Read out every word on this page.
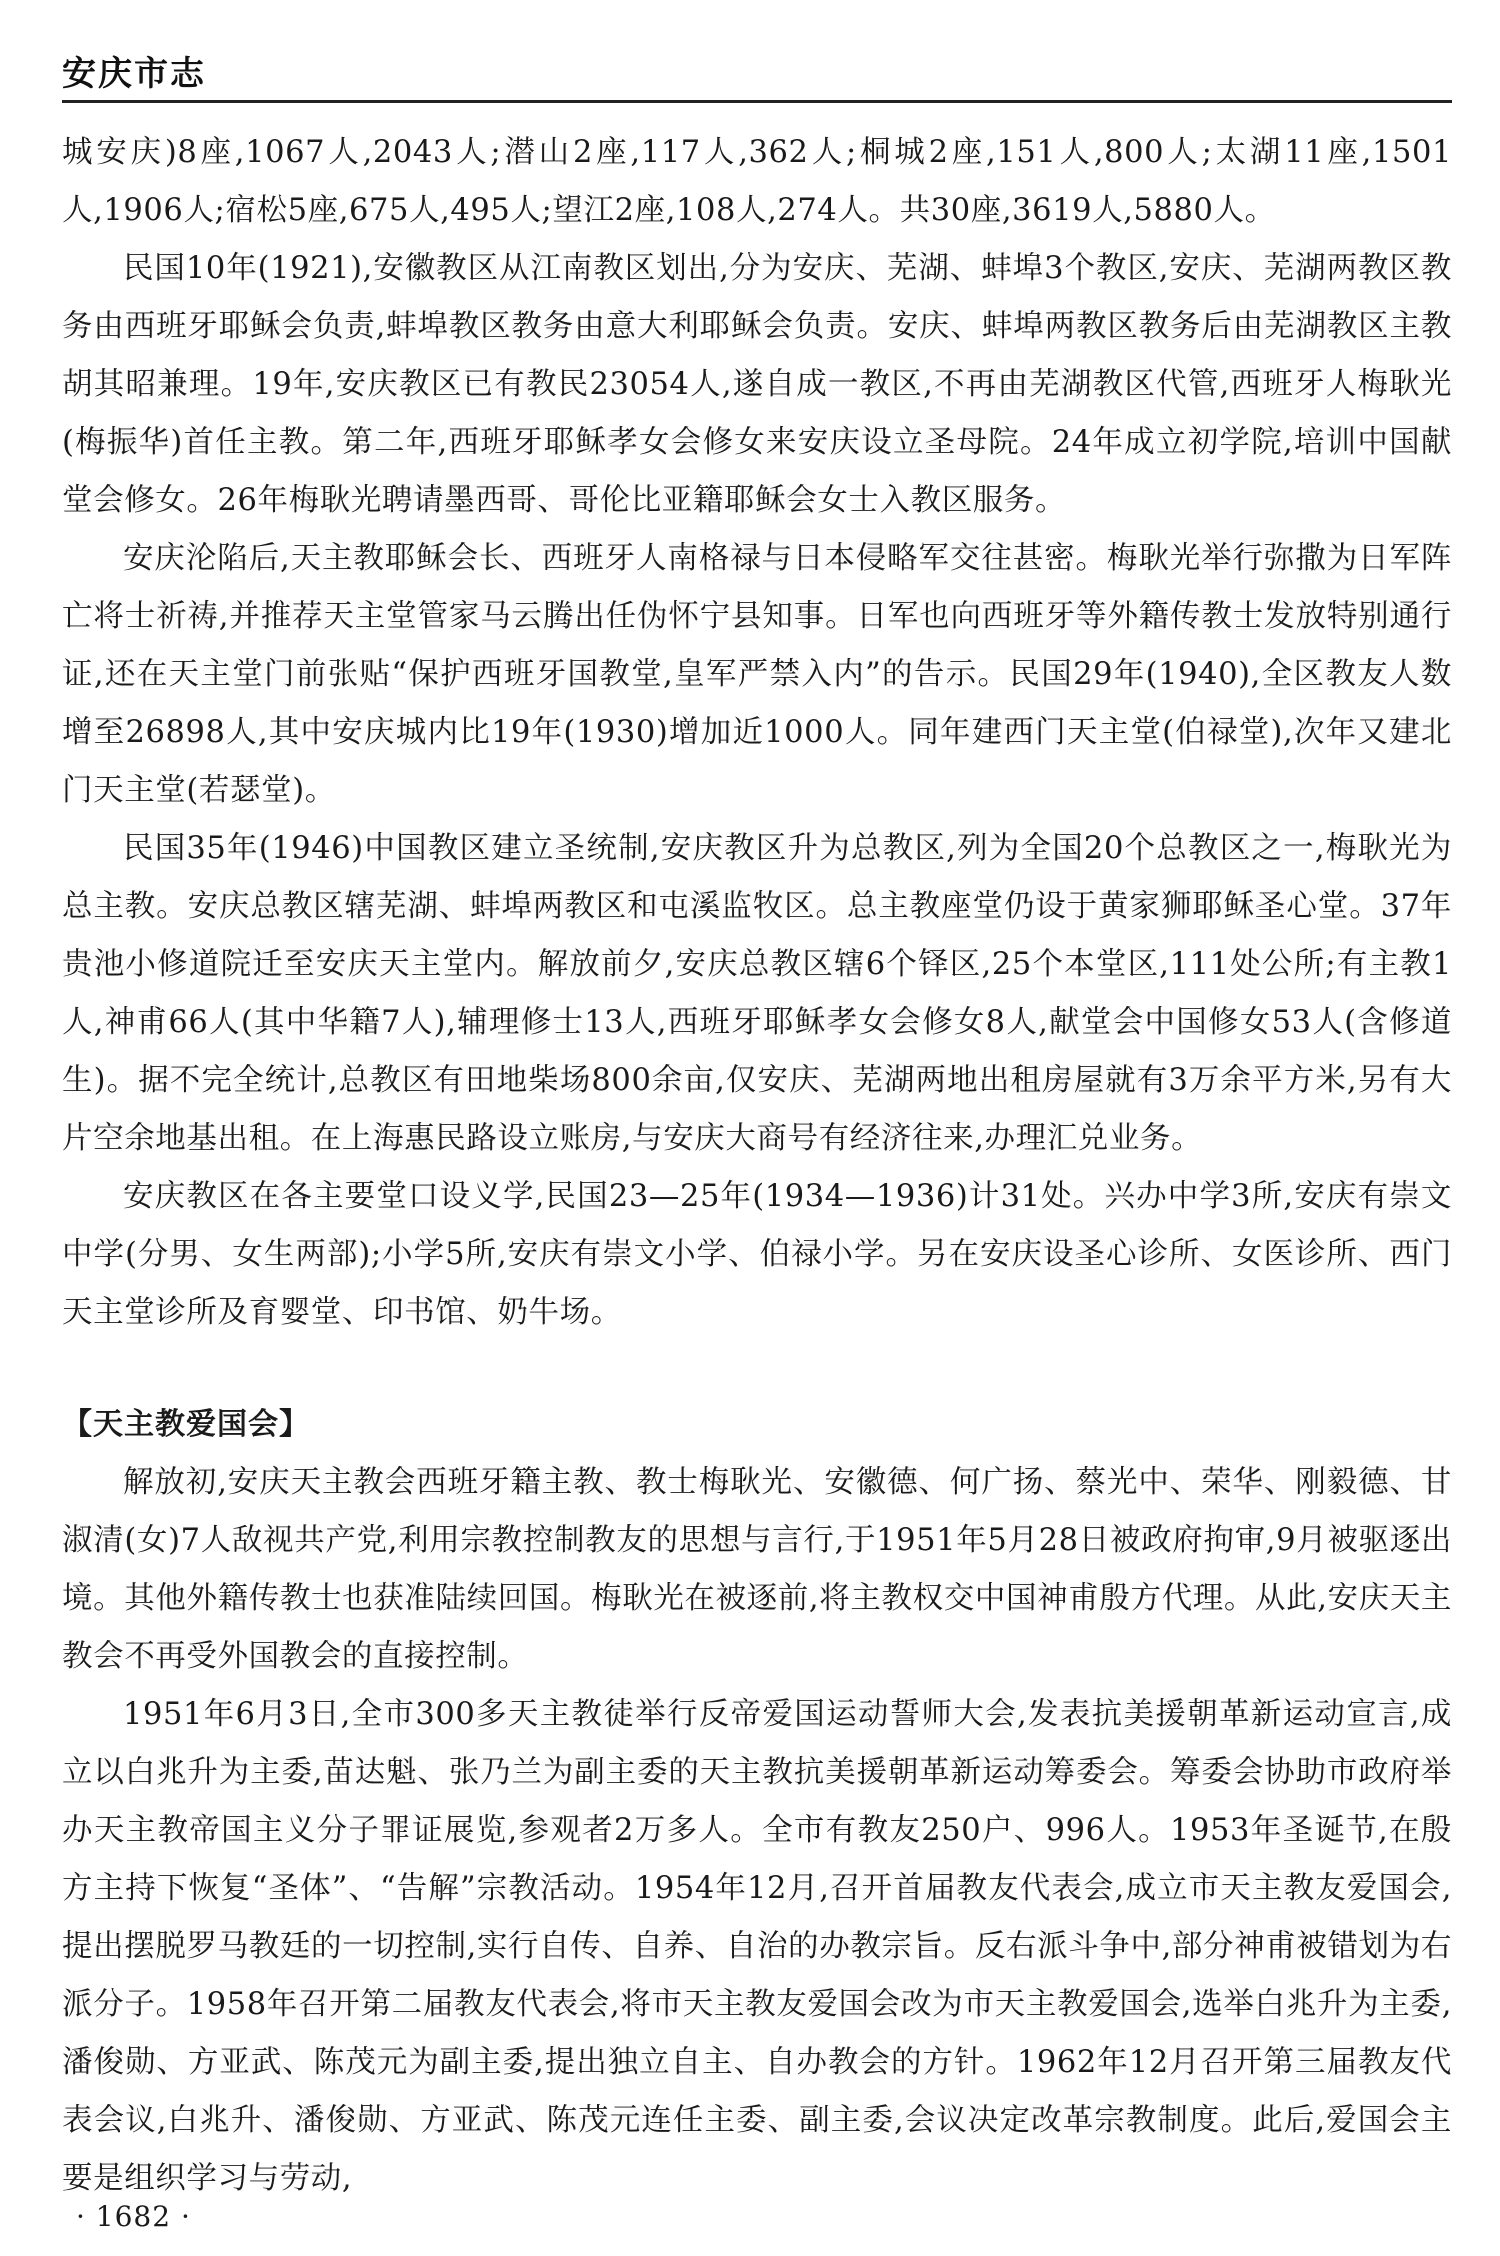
安庆市志

城安庆)8座,1067人,2043人;潜山2座,117人,362人;桐城2座,151人,800人;太湖11座,1501人,1906人;宿松5座,675人,495人;望江2座,108人,274人。共30座,3619人,5880人。

民国10年(1921),安徽教区从江南教区划出,分为安庆、芜湖、蚌埠3个教区,安庆、芜湖两教区教务由西班牙耶稣会负责,蚌埠教区教务由意大利耶稣会负责。安庆、蚌埠两教区教务后由芜湖教区主教胡其昭兼理。19年,安庆教区已有教民23054人,遂自成一教区,不再由芜湖教区代管,西班牙人梅耿光(梅振华)首任主教。第二年,西班牙耶稣孝女会修女来安庆设立圣母院。24年成立初学院,培训中国献堂会修女。26年梅耿光聘请墨西哥、哥伦比亚籍耶稣会女士入教区服务。

安庆沦陷后,天主教耶稣会长、西班牙人南格禄与日本侵略军交往甚密。梅耿光举行弥撒为日军阵亡将士祈祷,并推荐天主堂管家马云腾出任伪怀宁县知事。日军也向西班牙等外籍传教士发放特别通行证,还在天主堂门前张贴“保护西班牙国教堂,皇军严禁入内”的告示。民国29年(1940),全区教友人数增至26898人,其中安庆城内比19年(1930)增加近1000人。同年建西门天主堂(伯禄堂),次年又建北门天主堂(若瑟堂)。

民国35年(1946)中国教区建立圣统制,安庆教区升为总教区,列为全国20个总教区之一,梅耿光为总主教。安庆总教区辖芜湖、蚌埠两教区和屯溪监牧区。总主教座堂仍设于黄家狮耶稣圣心堂。37年贵池小修道院迁至安庆天主堂内。解放前夕,安庆总教区辖6个铎区,25个本堂区,111处公所;有主教1人,神甫66人(其中华籍7人),辅理修士13人,西班牙耶稣孝女会修女8人,献堂会中国修女53人(含修道生)。据不完全统计,总教区有田地柴场800余亩,仅安庆、芜湖两地出租房屋就有3万余平方米,另有大片空余地基出租。在上海惠民路设立账房,与安庆大商号有经济往来,办理汇兑业务。

安庆教区在各主要堂口设义学,民国23—25年(1934—1936)计31处。兴办中学3所,安庆有崇文中学(分男、女生两部);小学5所,安庆有崇文小学、伯禄小学。另在安庆设圣心诊所、女医诊所、西门天主堂诊所及育婴堂、印书馆、奶牛场。

【天主教爱国会】

解放初,安庆天主教会西班牙籍主教、教士梅耿光、安徽德、何广扬、蔡光中、荣华、刚毅德、甘淑清(女)7人敌视共产党,利用宗教控制教友的思想与言行,于1951年5月28日被政府拘审,9月被驱逐出境。其他外籍传教士也获准陆续回国。梅耿光在被逐前,将主教权交中国神甫殷方代理。从此,安庆天主教会不再受外国教会的直接控制。

1951年6月3日,全市300多天主教徒举行反帝爱国运动誓师大会,发表抗美援朝革新运动宣言,成立以白兆升为主委,苗达魁、张乃兰为副主委的天主教抗美援朝革新运动筹委会。筹委会协助市政府举办天主教帝国主义分子罪证展览,参观者2万多人。全市有教友250户、996人。1953年圣诞节,在殷方主持下恢复“圣体”、“告解”宗教活动。1954年12月,召开首届教友代表会,成立市天主教友爱国会,提出摆脱罗马教廷的一切控制,实行自传、自养、自治的办教宗旨。反右派斗争中,部分神甫被错划为右派分子。1958年召开第二届教友代表会,将市天主教友爱国会改为市天主教爱国会,选举白兆升为主委,潘俊勋、方亚武、陈茂元为副主委,提出独立自主、自办教会的方针。1962年12月召开第三届教友代表会议,白兆升、潘俊勋、方亚武、陈茂元连任主委、副主委,会议决定改革宗教制度。此后,爱国会主要是组织学习与劳动,

· 1682 ·
